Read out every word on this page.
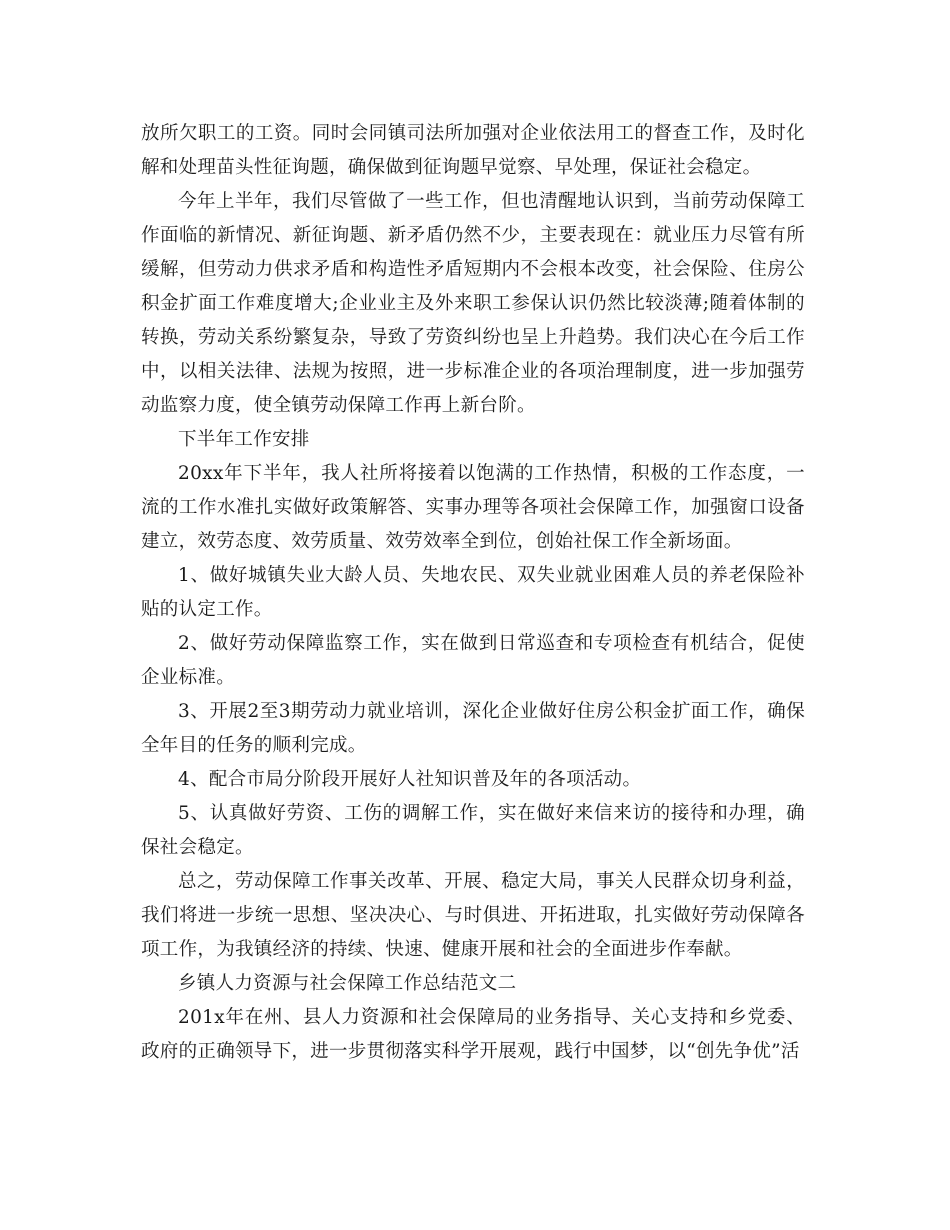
放所欠职工的工资。同时会同镇司法所加强对企业依法用工的督查工作，及时化解和处理苗头性征询题，确保做到征询题早觉察、早处理，保证社会稳定。

今年上半年，我们尽管做了一些工作，但也清醒地认识到，当前劳动保障工作面临的新情况、新征询题、新矛盾仍然不少，主要表现在：就业压力尽管有所缓解，但劳动力供求矛盾和构造性矛盾短期内不会根本改变，社会保险、住房公积金扩面工作难度增大;企业业主及外来职工参保认识仍然比较淡薄;随着体制的转换，劳动关系纷繁复杂，导致了劳资纠纷也呈上升趋势。我们决心在今后工作中，以相关法律、法规为按照，进一步标准企业的各项治理制度，进一步加强劳动监察力度，使全镇劳动保障工作再上新台阶。

下半年工作安排

20xx年下半年，我人社所将接着以饱满的工作热情，积极的工作态度，一流的工作水准扎实做好政策解答、实事办理等各项社会保障工作，加强窗口设备建立，效劳态度、效劳质量、效劳效率全到位，创始社保工作全新场面。

1、做好城镇失业大龄人员、失地农民、双失业就业困难人员的养老保险补贴的认定工作。

2、做好劳动保障监察工作，实在做到日常巡查和专项检查有机结合，促使企业标准。

3、开展2至3期劳动力就业培训，深化企业做好住房公积金扩面工作，确保全年目的任务的顺利完成。

4、配合市局分阶段开展好人社知识普及年的各项活动。

5、认真做好劳资、工伤的调解工作，实在做好来信来访的接待和办理，确保社会稳定。

总之，劳动保障工作事关改革、开展、稳定大局，事关人民群众切身利益，我们将进一步统一思想、坚决决心、与时俱进、开拓进取，扎实做好劳动保障各项工作，为我镇经济的持续、快速、健康开展和社会的全面进步作奉献。

乡镇人力资源与社会保障工作总结范文二

201x年在州、县人力资源和社会保障局的业务指导、关心支持和乡党委、政府的正确领导下，进一步贯彻落实科学开展观，践行中国梦，以“创先争优”活
